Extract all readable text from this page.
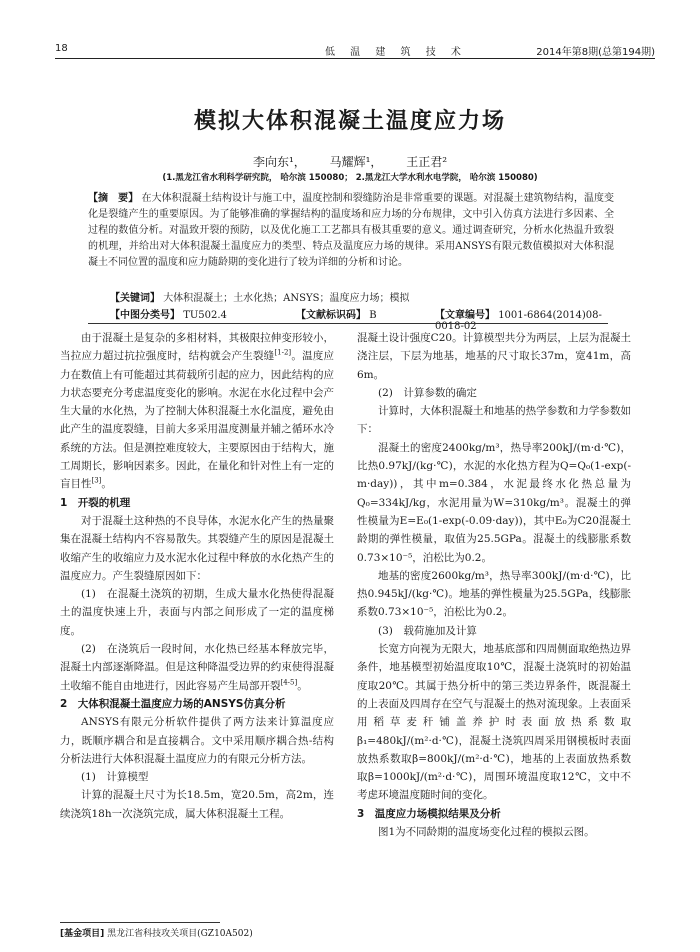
18	低 温 建 筑 技 术	2014年第8期(总第194期)
模拟大体积混凝土温度应力场
李向东¹， 马耀辉¹， 王正君²
(1.黑龙江省水利科学研究院， 哈尔滨 150080； 2.黑龙江大学水利水电学院， 哈尔滨 150080)
【摘　要】 在大体积混凝土结构设计与施工中，温度控制和裂缝防治是非常重要的课题。对混凝土建筑物结构，温度变化是裂缝产生的重要原因。为了能够准确的掌握结构的温度场和应力场的分布规律，文中引入仿真方法进行多因素、全过程的数值分析。对温致开裂的预防，以及优化施工工艺都具有极其重要的意义。通过调查研究，分析水化热温升致裂的机理，并给出对大体积混凝土温度应力的类型、特点及温度应力场的规律。采用ANSYS有限元数值模拟对大体积混凝土不同位置的温度和应力随龄期的变化进行了较为详细的分析和讨论。
【关键词】 大体积混凝土；土水化热；ANSYS；温度应力场；模拟
【中图分类号】 TU502.4	【文献标识码】 B	【文章编号】 1001-6864(2014)08-0018-02

由于混凝土是复杂的多相材料，其极限拉伸变形较小，当拉应力超过抗拉强度时，结构就会产生裂缝[1-2]。温度应力在数值上有可能超过其荷载所引起的应力，因此结构的应力状态要充分考虑温度变化的影响。水泥在水化过程中会产生大量的水化热，为了控制大体积混凝土水化温度，避免由此产生的温度裂缝，目前大多采用温度测量并辅之循环水冷系统的方法。但是测控难度较大，主要原因由于结构大，施工周期长，影响因素多。因此，在量化和针对性上有一定的盲目性[3]。

1　开裂的机理

对于混凝土这种热的不良导体，水泥水化产生的热量聚集在混凝土结构内不容易散失。其裂缝产生的原因是混凝土收缩产生的收缩应力及水泥水化过程中释放的水化热产生的温度应力。产生裂缝原因如下：

(1)　在混凝土浇筑的初期，生成大量水化热使得混凝土的温度快速上升，表面与内部之间形成了一定的温度梯度。

(2)　在浇筑后一段时间，水化热已经基本释放完毕，混凝土内部逐渐降温。但是这种降温受边界的约束使得混凝土收缩不能自由地进行，因此容易产生局部开裂[4-5]。

2　大体积混凝土温度应力场的ANSYS仿真分析

ANSYS有限元分析软件提供了两方法来计算温度应力，既顺序耦合和是直接耦合。文中采用顺序耦合热-结构分析法进行大体积混凝土温度应力的有限元分析方法。

(1)　计算模型

计算的混凝土尺寸为长18.5m，宽20.5m，高2m，连续浇筑18h一次浇筑完成，属大体积混凝土工程。

混凝土设计强度C20。计算模型共分为两层，上层为混凝土浇注层，下层为地基，地基的尺寸取长37m，宽41m，高6m。

(2)　计算参数的确定

计算时，大体积混凝土和地基的热学参数和力学参数如下：

混凝土的密度2400kg/m³，热导率200kJ/(m·d·℃)，比热0.97kJ/(kg·℃)，水泥的水化热方程为Q=Q₀(1-exp(-m·day))，其中m=0.384，水泥最终水化热总量为Q₀=334kJ/kg，水泥用量为W=310kg/m³。混凝土的弹性模量为E=E₀(1-exp(-0.09·day))，其中E₀为C20混凝土龄期的弹性模量，取值为25.5GPa。混凝土的线膨胀系数0.73×10⁻⁵，泊松比为0.2。

地基的密度2600kg/m³，热导率300kJ/(m·d·℃)，比热0.945kJ/(kg·℃)。地基的弹性模量为25.5GPa，线膨胀系数0.73×10⁻⁵，泊松比为0.2。

(3)　载荷施加及计算

长宽方向视为无限大，地基底部和四周侧面取绝热边界条件，地基模型初始温度取10℃，混凝土浇筑时的初始温度取20℃。其属于热分析中的第三类边界条件，既混凝土的上表面及四周存在空气与混凝土的热对流现象。上表面采用稻草麦秆铺盖养护时表面放热系数取β₁=480kJ/(m²·d·℃)，混凝土浇筑四周采用钢模板时表面放热系数取β=800kJ/(m²·d·℃)，地基的上表面放热系数取β=1000kJ/(m²·d·℃)，周围环境温度取12℃，文中不考虑环境温度随时间的变化。

3　温度应力场模拟结果及分析

图1为不同龄期的温度场变化过程的模拟云图。

[基金项目] 黑龙江省科技攻关项目(GZ10A502)
